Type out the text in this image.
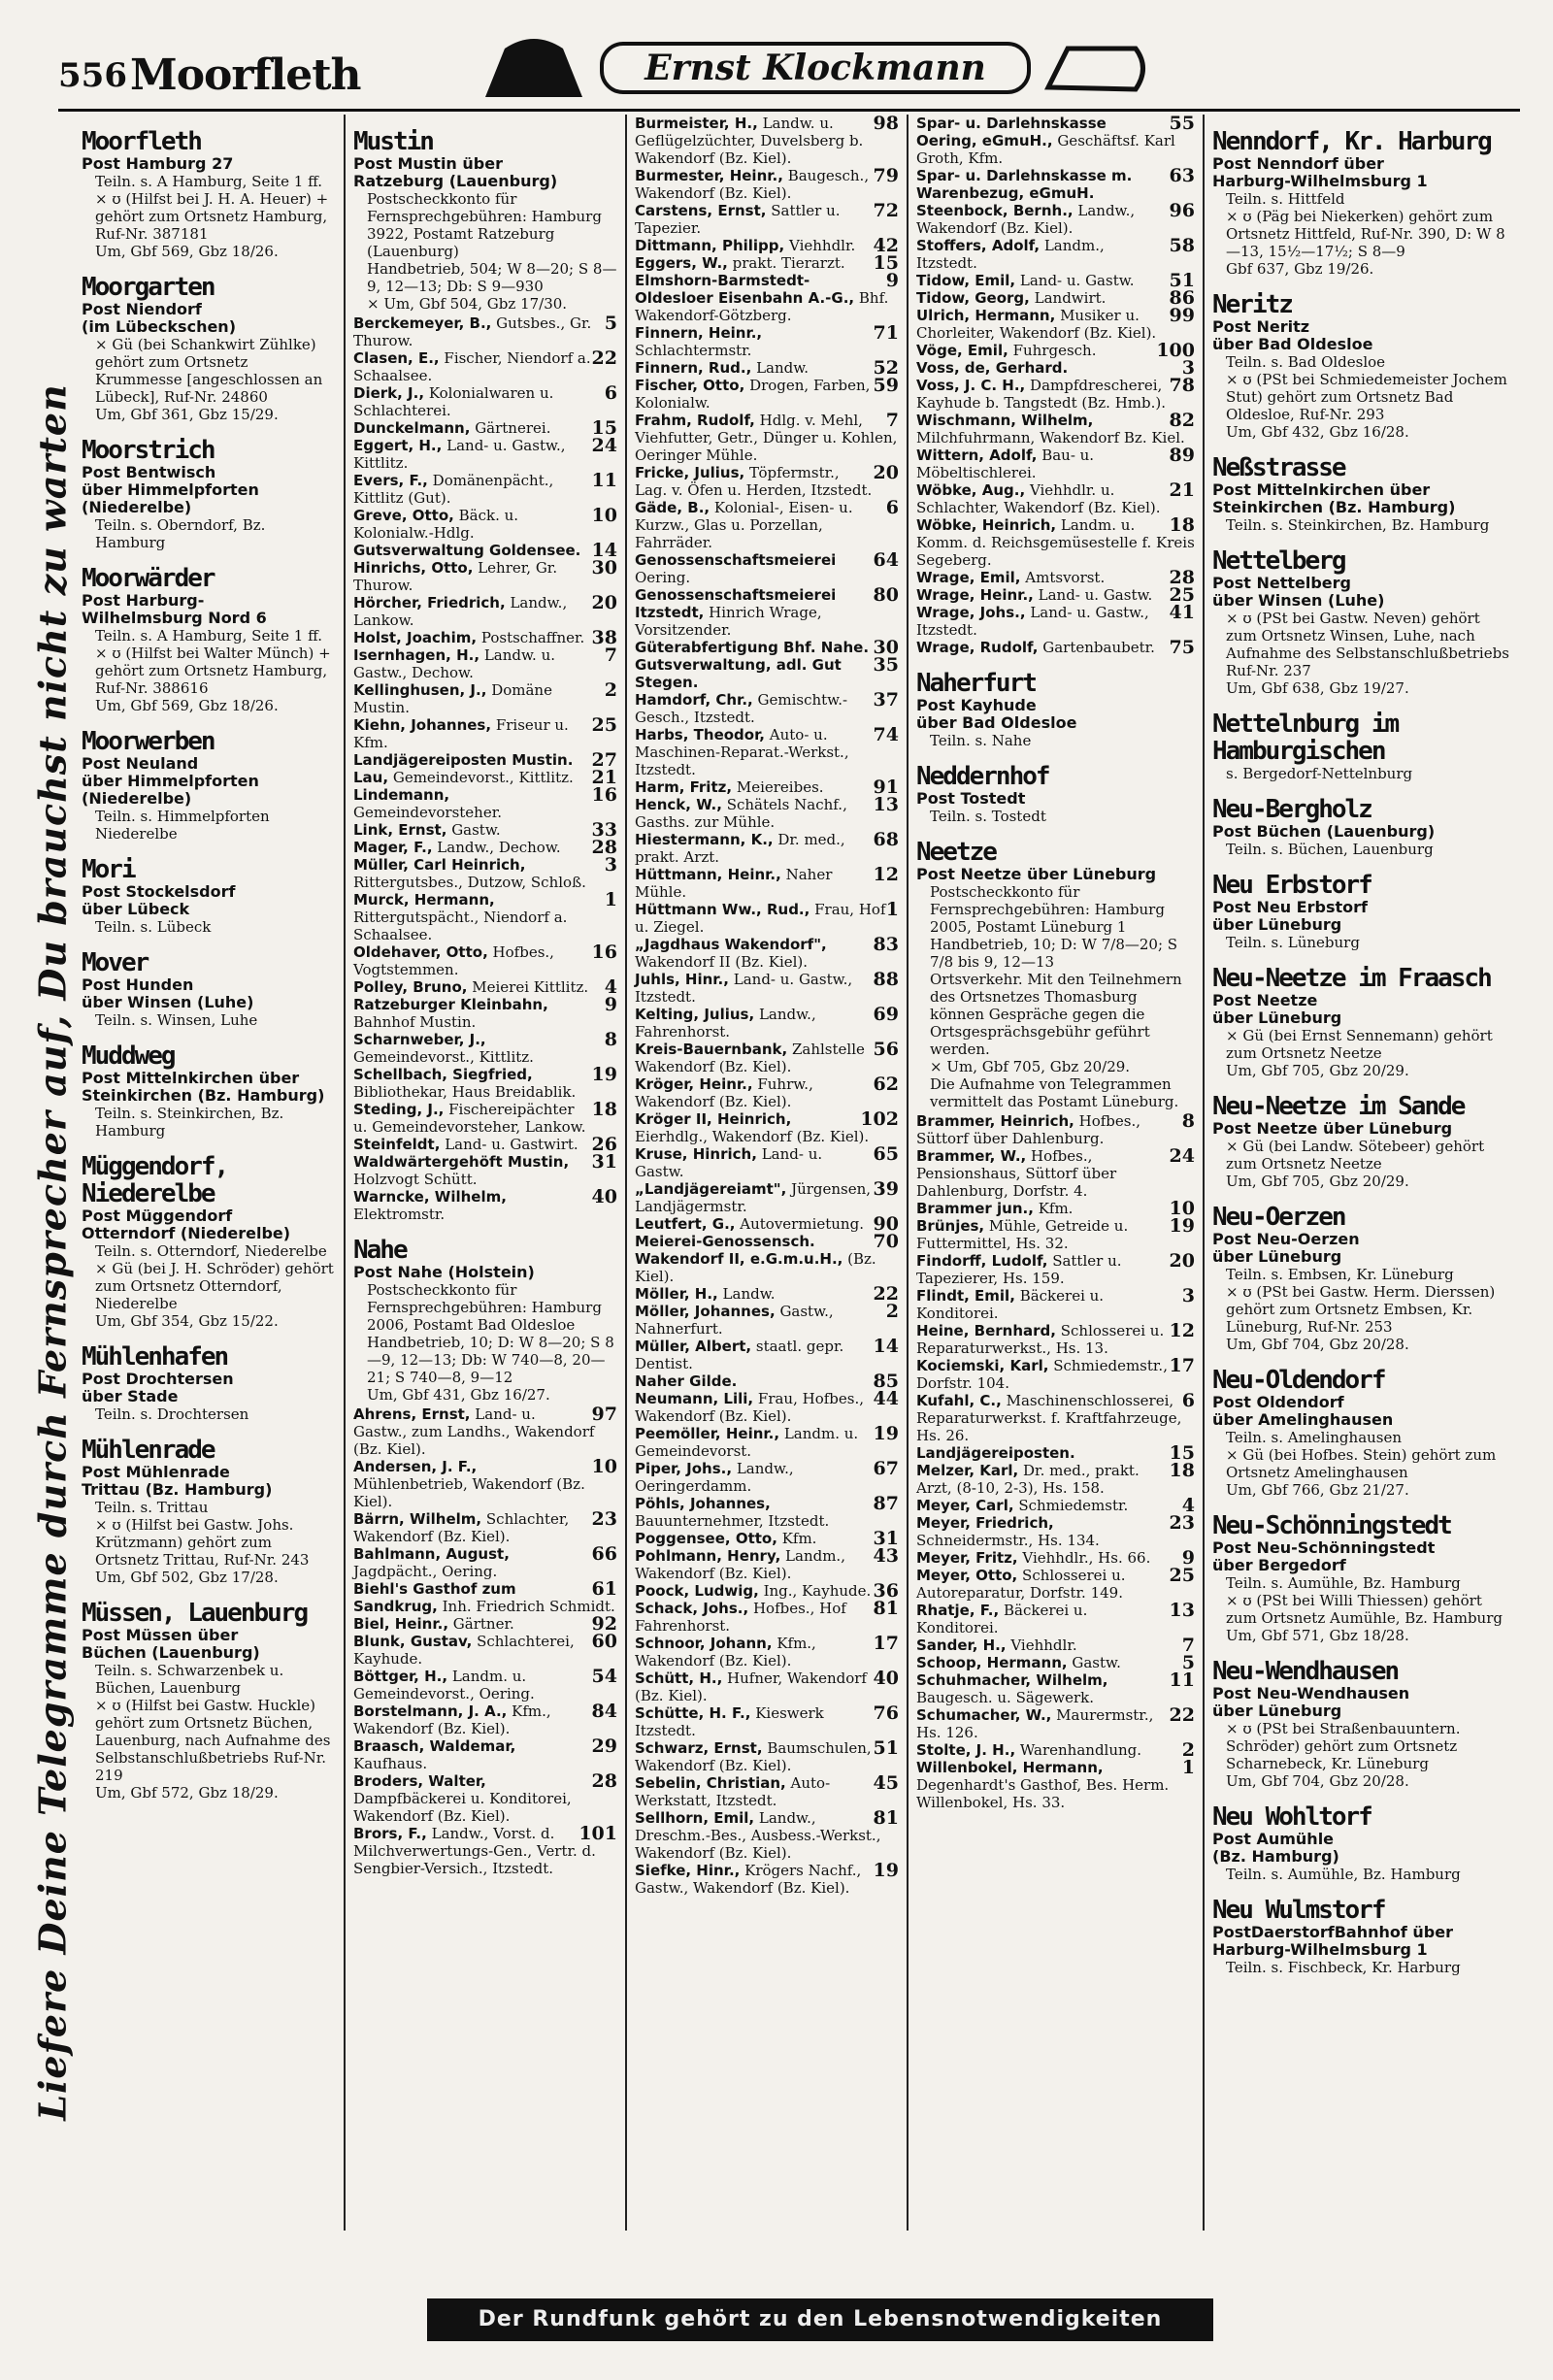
556 Moorfleth	Ernst Klockmann
Liefere Deine Telegramme durch Fernsprecher auf, Du brauchst nicht zu warten
Moorfleth
Post Hamburg 27
Teiln. s. A Hamburg, Seite 1 ff.
× ʊ (Hilfst bei J. H. A. Heuer) + gehört zum Ortsnetz Hamburg, Ruf-Nr. 387181
Um, Gbf 569, Gbz 18/26.
Moorgarten
Post Niendorf
(im Lübeckschen)
× Gü (bei Schankwirt Zühlke) gehört zum Ortsnetz Krummesse [angeschlossen an Lübeck], Ruf-Nr. 24860
Um, Gbf 361, Gbz 15/29.
Moorstrich
Post Bentwisch
über Himmelpforten
(Niederelbe)
Teiln. s. Oberndorf, Bz. Hamburg
Moorwärder
Post Harburg-
Wilhelmsburg Nord 6
Teiln. s. A Hamburg, Seite 1 ff.
× ʊ (Hilfst bei Walter Münch) + gehört zum Ortsnetz Hamburg, Ruf-Nr. 388616
Um, Gbf 569, Gbz 18/26.
Moorwerben
Post Neuland
über Himmelpforten
(Niederelbe)
Teiln. s. Himmelpforten Niederelbe
Mori
Post Stockelsdorf
über Lübeck
Teiln. s. Lübeck
Mover
Post Hunden
über Winsen (Luhe)
Teiln. s. Winsen, Luhe
Muddweg
Post Mittelnkirchen über
Steinkirchen (Bz. Hamburg)
Teiln. s. Steinkirchen, Bz. Hamburg
Müggendorf, Niederelbe
Post Müggendorf
Otterndorf (Niederelbe)
Teiln. s. Otterndorf, Niederelbe
× Gü (bei J. H. Schröder) gehört zum Ortsnetz Otterndorf, Niederelbe
Um, Gbf 354, Gbz 15/22.
Mühlenhafen
Post Drochtersen
über Stade
Teiln. s. Drochtersen
Mühlenrade
Post Mühlenrade
Trittau (Bz. Hamburg)
Teiln. s. Trittau
× ʊ (Hilfst bei Gastw. Johs. Krützmann) gehört zum Ortsnetz Trittau, Ruf-Nr. 243
Um, Gbf 502, Gbz 17/28.
Müssen, Lauenburg
Post Müssen über
Büchen (Lauenburg)
Teiln. s. Schwarzenbek u. Büchen, Lauenburg
× ʊ (Hilfst bei Gastw. Huckle) gehört zum Ortsnetz Büchen, Lauenburg, nach Aufnahme des Selbstanschlußbetriebs Ruf-Nr. 219
Um, Gbf 572, Gbz 18/29.
Mustin
Post Mustin über
Ratzeburg (Lauenburg)
Postscheckkonto für Fernsprechgebühren: Hamburg 3922, Postamt Ratzeburg (Lauenburg)
Handbetrieb, 504; W 8—20; S 8—9, 12—13; Db: S 9—930
× Um, Gbf 504, Gbz 17/30.
5
Berckemeyer, B., Gutsbes., Gr. Thurow.
22
Clasen, E., Fischer, Niendorf a. Schaalsee.
6
Dierk, J., Kolonialwaren u. Schlachterei.
15
Dunckelmann, Gärtnerei.
24
Eggert, H., Land- u. Gastw., Kittlitz.
11
Evers, F., Domänenpächt., Kittlitz (Gut).
10
Greve, Otto, Bäck. u. Kolonialw.-Hdlg.
14
Gutsverwaltung Goldensee.
30
Hinrichs, Otto, Lehrer, Gr. Thurow.
20
Hörcher, Friedrich, Landw., Lankow.
38
Holst, Joachim, Postschaffner.
7
Isernhagen, H., Landw. u. Gastw., Dechow.
2
Kellinghusen, J., Domäne Mustin.
25
Kiehn, Johannes, Friseur u. Kfm.
27
Landjägereiposten Mustin.
21
Lau, Gemeindevorst., Kittlitz.
16
Lindemann, Gemeindevorsteher.
33
Link, Ernst, Gastw.
28
Mager, F., Landw., Dechow.
3
Müller, Carl Heinrich, Rittergutsbes., Dutzow, Schloß.
1
Murck, Hermann, Rittergutspächt., Niendorf a. Schaalsee.
16
Oldehaver, Otto, Hofbes., Vogtstemmen.
4
Polley, Bruno, Meierei Kittlitz.
9
Ratzeburger Kleinbahn, Bahnhof Mustin.
8
Scharnweber, J., Gemeindevorst., Kittlitz.
19
Schellbach, Siegfried, Bibliothekar, Haus Breidablik.
18
Steding, J., Fischereipächter u. Gemeindevorsteher, Lankow.
26
Steinfeldt, Land- u. Gastwirt.
31
Waldwärtergehöft Mustin, Holzvogt Schütt.
40
Warncke, Wilhelm, Elektromstr.
Nahe
Post Nahe (Holstein)
Postscheckkonto für Fernsprechgebühren: Hamburg 2006, Postamt Bad Oldesloe
Handbetrieb, 10; D: W 8—20; S 8—9, 12—13; Db: W 740—8, 20—21; S 740—8, 9—12
Um, Gbf 431, Gbz 16/27.
97
Ahrens, Ernst, Land- u. Gastw., zum Landhs., Wakendorf (Bz. Kiel).
10
Andersen, J. F., Mühlenbetrieb, Wakendorf (Bz. Kiel).
23
Bärrn, Wilhelm, Schlachter, Wakendorf (Bz. Kiel).
66
Bahlmann, August, Jagdpächt., Oering.
61
Biehl's Gasthof zum Sandkrug, Inh. Friedrich Schmidt.
92
Biel, Heinr., Gärtner.
60
Blunk, Gustav, Schlachterei, Kayhude.
54
Böttger, H., Landm. u. Gemeindevorst., Oering.
84
Borstelmann, J. A., Kfm., Wakendorf (Bz. Kiel).
29
Braasch, Waldemar, Kaufhaus.
28
Broders, Walter, Dampfbäckerei u. Konditorei, Wakendorf (Bz. Kiel).
101
Brors, F., Landw., Vorst. d. Milchverwertungs-Gen., Vertr. d. Sengbier-Versich., Itzstedt.
98
Burmeister, H., Landw. u. Geflügelzüchter, Duvelsberg b. Wakendorf (Bz. Kiel).
79
Burmester, Heinr., Baugesch., Wakendorf (Bz. Kiel).
72
Carstens, Ernst, Sattler u. Tapezier.
42
Dittmann, Philipp, Viehhdlr.
15
Eggers, W., prakt. Tierarzt.
9
Elmshorn-Barmstedt-Oldesloer Eisenbahn A.-G., Bhf. Wakendorf-Götzberg.
71
Finnern, Heinr., Schlachtermstr.
52
Finnern, Rud., Landw.
59
Fischer, Otto, Drogen, Farben, Kolonialw.
7
Frahm, Rudolf, Hdlg. v. Mehl, Viehfutter, Getr., Dünger u. Kohlen, Oeringer Mühle.
20
Fricke, Julius, Töpfermstr., Lag. v. Öfen u. Herden, Itzstedt.
6
Gäde, B., Kolonial-, Eisen- u. Kurzw., Glas u. Porzellan, Fahrräder.
64
Genossenschaftsmeierei Oering.
80
Genossenschaftsmeierei Itzstedt, Hinrich Wrage, Vorsitzender.
30
Güterabfertigung Bhf. Nahe.
35
Gutsverwaltung, adl. Gut Stegen.
37
Hamdorf, Chr., Gemischtw.-Gesch., Itzstedt.
74
Harbs, Theodor, Auto- u. Maschinen-Reparat.-Werkst., Itzstedt.
91
Harm, Fritz, Meiereibes.
13
Henck, W., Schätels Nachf., Gasths. zur Mühle.
68
Hiestermann, K., Dr. med., prakt. Arzt.
12
Hüttmann, Heinr., Naher Mühle.
1
Hüttmann Ww., Rud., Frau, Hof u. Ziegel.
83
„Jagdhaus Wakendorf", Wakendorf II (Bz. Kiel).
88
Juhls, Hinr., Land- u. Gastw., Itzstedt.
69
Kelting, Julius, Landw., Fahrenhorst.
56
Kreis-Bauernbank, Zahlstelle Wakendorf (Bz. Kiel).
62
Kröger, Heinr., Fuhrw., Wakendorf (Bz. Kiel).
102
Kröger II, Heinrich, Eierhdlg., Wakendorf (Bz. Kiel).
65
Kruse, Hinrich, Land- u. Gastw.
39
„Landjägereiamt", Jürgensen, Landjägermstr.
90
Leutfert, G., Autovermietung.
70
Meierei-Genossensch. Wakendorf II, e.G.m.u.H., (Bz. Kiel).
22
Möller, H., Landw.
2
Möller, Johannes, Gastw., Nahnerfurt.
14
Müller, Albert, staatl. gepr. Dentist.
85
Naher Gilde.
44
Neumann, Lili, Frau, Hofbes., Wakendorf (Bz. Kiel).
19
Peemöller, Heinr., Landm. u. Gemeindevorst.
67
Piper, Johs., Landw., Oeringerdamm.
87
Pöhls, Johannes, Bauunternehmer, Itzstedt.
31
Poggensee, Otto, Kfm.
43
Pohlmann, Henry, Landm., Wakendorf (Bz. Kiel).
36
Poock, Ludwig, Ing., Kayhude.
81
Schack, Johs., Hofbes., Hof Fahrenhorst.
17
Schnoor, Johann, Kfm., Wakendorf (Bz. Kiel).
40
Schütt, H., Hufner, Wakendorf (Bz. Kiel).
76
Schütte, H. F., Kieswerk Itzstedt.
51
Schwarz, Ernst, Baumschulen, Wakendorf (Bz. Kiel).
45
Sebelin, Christian, Auto-Werkstatt, Itzstedt.
81
Sellhorn, Emil, Landw., Dreschm.-Bes., Ausbess.-Werkst., Wakendorf (Bz. Kiel).
19
Siefke, Hinr., Krögers Nachf., Gastw., Wakendorf (Bz. Kiel).
55
Spar- u. Darlehnskasse Oering, eGmuH., Geschäftsf. Karl Groth, Kfm.
63
Spar- u. Darlehnskasse m. Warenbezug, eGmuH.
96
Steenbock, Bernh., Landw., Wakendorf (Bz. Kiel).
58
Stoffers, Adolf, Landm., Itzstedt.
51
Tidow, Emil, Land- u. Gastw.
86
Tidow, Georg, Landwirt.
99
Ulrich, Hermann, Musiker u. Chorleiter, Wakendorf (Bz. Kiel).
100
Vöge, Emil, Fuhrgesch.
3
Voss, de, Gerhard.
78
Voss, J. C. H., Dampfdrescherei, Kayhude b. Tangstedt (Bz. Hmb.).
82
Wischmann, Wilhelm, Milchfuhrmann, Wakendorf Bz. Kiel.
89
Wittern, Adolf, Bau- u. Möbeltischlerei.
21
Wöbke, Aug., Viehhdlr. u. Schlachter, Wakendorf (Bz. Kiel).
18
Wöbke, Heinrich, Landm. u. Komm. d. Reichsgemüsestelle f. Kreis Segeberg.
28
Wrage, Emil, Amtsvorst.
25
Wrage, Heinr., Land- u. Gastw.
41
Wrage, Johs., Land- u. Gastw., Itzstedt.
75
Wrage, Rudolf, Gartenbaubetr.
Naherfurt
Post Kayhude
über Bad Oldesloe
Teiln. s. Nahe
Neddernhof
Post Tostedt
Teiln. s. Tostedt
Neetze
Post Neetze über Lüneburg
Postscheckkonto für Fernsprechgebühren: Hamburg 2005, Postamt Lüneburg 1
Handbetrieb, 10; D: W 7/8—20; S 7/8 bis 9, 12—13
Ortsverkehr. Mit den Teilnehmern des Ortsnetzes Thomasburg können Gespräche gegen die Ortsgesprächsgebühr geführt werden.
× Um, Gbf 705, Gbz 20/29.
Die Aufnahme von Telegrammen vermittelt das Postamt Lüneburg.
8
Brammer, Heinrich, Hofbes., Süttorf über Dahlenburg.
24
Brammer, W., Hofbes., Pensionshaus, Süttorf über Dahlenburg, Dorfstr. 4.
10
Brammer jun., Kfm.
19
Brünjes, Mühle, Getreide u. Futtermittel, Hs. 32.
20
Findorff, Ludolf, Sattler u. Tapezierer, Hs. 159.
3
Flindt, Emil, Bäckerei u. Konditorei.
12
Heine, Bernhard, Schlosserei u. Reparaturwerkst., Hs. 13.
17
Kociemski, Karl, Schmiedemstr., Dorfstr. 104.
6
Kufahl, C., Maschinenschlosserei, Reparaturwerkst. f. Kraftfahrzeuge, Hs. 26.
15
Landjägereiposten.
18
Melzer, Karl, Dr. med., prakt. Arzt, (8-10, 2-3), Hs. 158.
4
Meyer, Carl, Schmiedemstr.
23
Meyer, Friedrich, Schneidermstr., Hs. 134.
9
Meyer, Fritz, Viehhdlr., Hs. 66.
25
Meyer, Otto, Schlosserei u. Autoreparatur, Dorfstr. 149.
13
Rhatje, F., Bäckerei u. Konditorei.
7
Sander, H., Viehhdlr.
5
Schoop, Hermann, Gastw.
11
Schuhmacher, Wilhelm, Baugesch. u. Sägewerk.
22
Schumacher, W., Maurermstr., Hs. 126.
2
Stolte, J. H., Warenhandlung.
1
Willenbokel, Hermann, Degenhardt's Gasthof, Bes. Herm. Willenbokel, Hs. 33.
Nenndorf, Kr. Harburg
Post Nenndorf über
Harburg-Wilhelmsburg 1
Teiln. s. Hittfeld
× ʊ (Päg bei Niekerken) gehört zum Ortsnetz Hittfeld, Ruf-Nr. 390, D: W 8—13, 15½—17½; S 8—9
Gbf 637, Gbz 19/26.
Neritz
Post Neritz
über Bad Oldesloe
Teiln. s. Bad Oldesloe
× ʊ (PSt bei Schmiedemeister Jochem Stut) gehört zum Ortsnetz Bad Oldesloe, Ruf-Nr. 293
Um, Gbf 432, Gbz 16/28.
Neßstrasse
Post Mittelnkirchen über
Steinkirchen (Bz. Hamburg)
Teiln. s. Steinkirchen, Bz. Hamburg
Nettelberg
Post Nettelberg
über Winsen (Luhe)
× ʊ (PSt bei Gastw. Neven) gehört zum Ortsnetz Winsen, Luhe, nach Aufnahme des Selbstanschlußbetriebs Ruf-Nr. 237
Um, Gbf 638, Gbz 19/27.
Nettelnburg im Hamburgischen
s. Bergedorf-Nettelnburg
Neu-Bergholz
Post Büchen (Lauenburg)
Teiln. s. Büchen, Lauenburg
Neu Erbstorf
Post Neu Erbstorf
über Lüneburg
Teiln. s. Lüneburg
Neu-Neetze im Fraasch
Post Neetze
über Lüneburg
× Gü (bei Ernst Sennemann) gehört zum Ortsnetz Neetze
Um, Gbf 705, Gbz 20/29.
Neu-Neetze im Sande
Post Neetze über Lüneburg
× Gü (bei Landw. Sötebeer) gehört zum Ortsnetz Neetze
Um, Gbf 705, Gbz 20/29.
Neu-Oerzen
Post Neu-Oerzen
über Lüneburg
Teiln. s. Embsen, Kr. Lüneburg
× ʊ (PSt bei Gastw. Herm. Dierssen) gehört zum Ortsnetz Embsen, Kr. Lüneburg, Ruf-Nr. 253
Um, Gbf 704, Gbz 20/28.
Neu-Oldendorf
Post Oldendorf
über Amelinghausen
Teiln. s. Amelinghausen
× Gü (bei Hofbes. Stein) gehört zum Ortsnetz Amelinghausen
Um, Gbf 766, Gbz 21/27.
Neu-Schönningstedt
Post Neu-Schönningstedt
über Bergedorf
Teiln. s. Aumühle, Bz. Hamburg
× ʊ (PSt bei Willi Thiessen) gehört zum Ortsnetz Aumühle, Bz. Hamburg
Um, Gbf 571, Gbz 18/28.
Neu-Wendhausen
Post Neu-Wendhausen
über Lüneburg
× ʊ (PSt bei Straßenbauuntern. Schröder) gehört zum Ortsnetz Scharnebeck, Kr. Lüneburg
Um, Gbf 704, Gbz 20/28.
Neu Wohltorf
Post Aumühle
(Bz. Hamburg)
Teiln. s. Aumühle, Bz. Hamburg
Neu Wulmstorf
PostDaerstorfBahnhof über
Harburg-Wilhelmsburg 1
Teiln. s. Fischbeck, Kr. Harburg
Der Rundfunk gehört zu den Lebensnotwendigkeiten
